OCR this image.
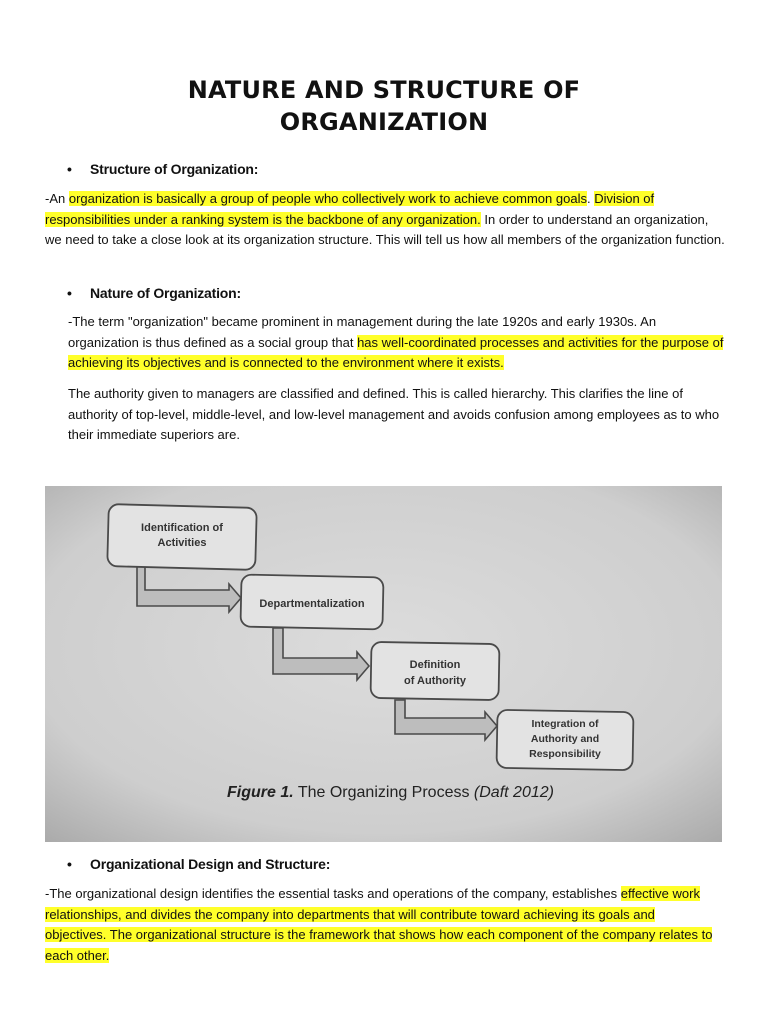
NATURE AND STRUCTURE OF
ORGANIZATION
• Structure of Organization:

-An organization is basically a group of people who collectively work to achieve common goals. Division of responsibilities under a ranking system is the backbone of any organization. In order to understand an organization, we need to take a close look at its organization structure. This will tell us how all members of the organization function.

• Nature of Organization:

-The term "organization" became prominent in management during the late 1920s and early 1930s. An organization is thus defined as a social group that has well-coordinated processes and activities for the purpose of achieving its objectives and is connected to the environment where it exists.

The authority given to managers are classified and defined. This is called hierarchy. This clarifies the line of authority of top-level, middle-level, and low-level management and avoids confusion among employees as to who their immediate superiors are.

Identification of
Activities
Departmentalization
Definition
of Authority
Integration of
Authority and
Responsibility
Figure 1. The Organizing Process (Daft 2012)
• Organizational Design and Structure:

-The organizational design identifies the essential tasks and operations of the company, establishes effective work relationships, and divides the company into departments that will contribute toward achieving its goals and objectives. The organizational structure is the framework that shows how each component of the company relates to each other.
